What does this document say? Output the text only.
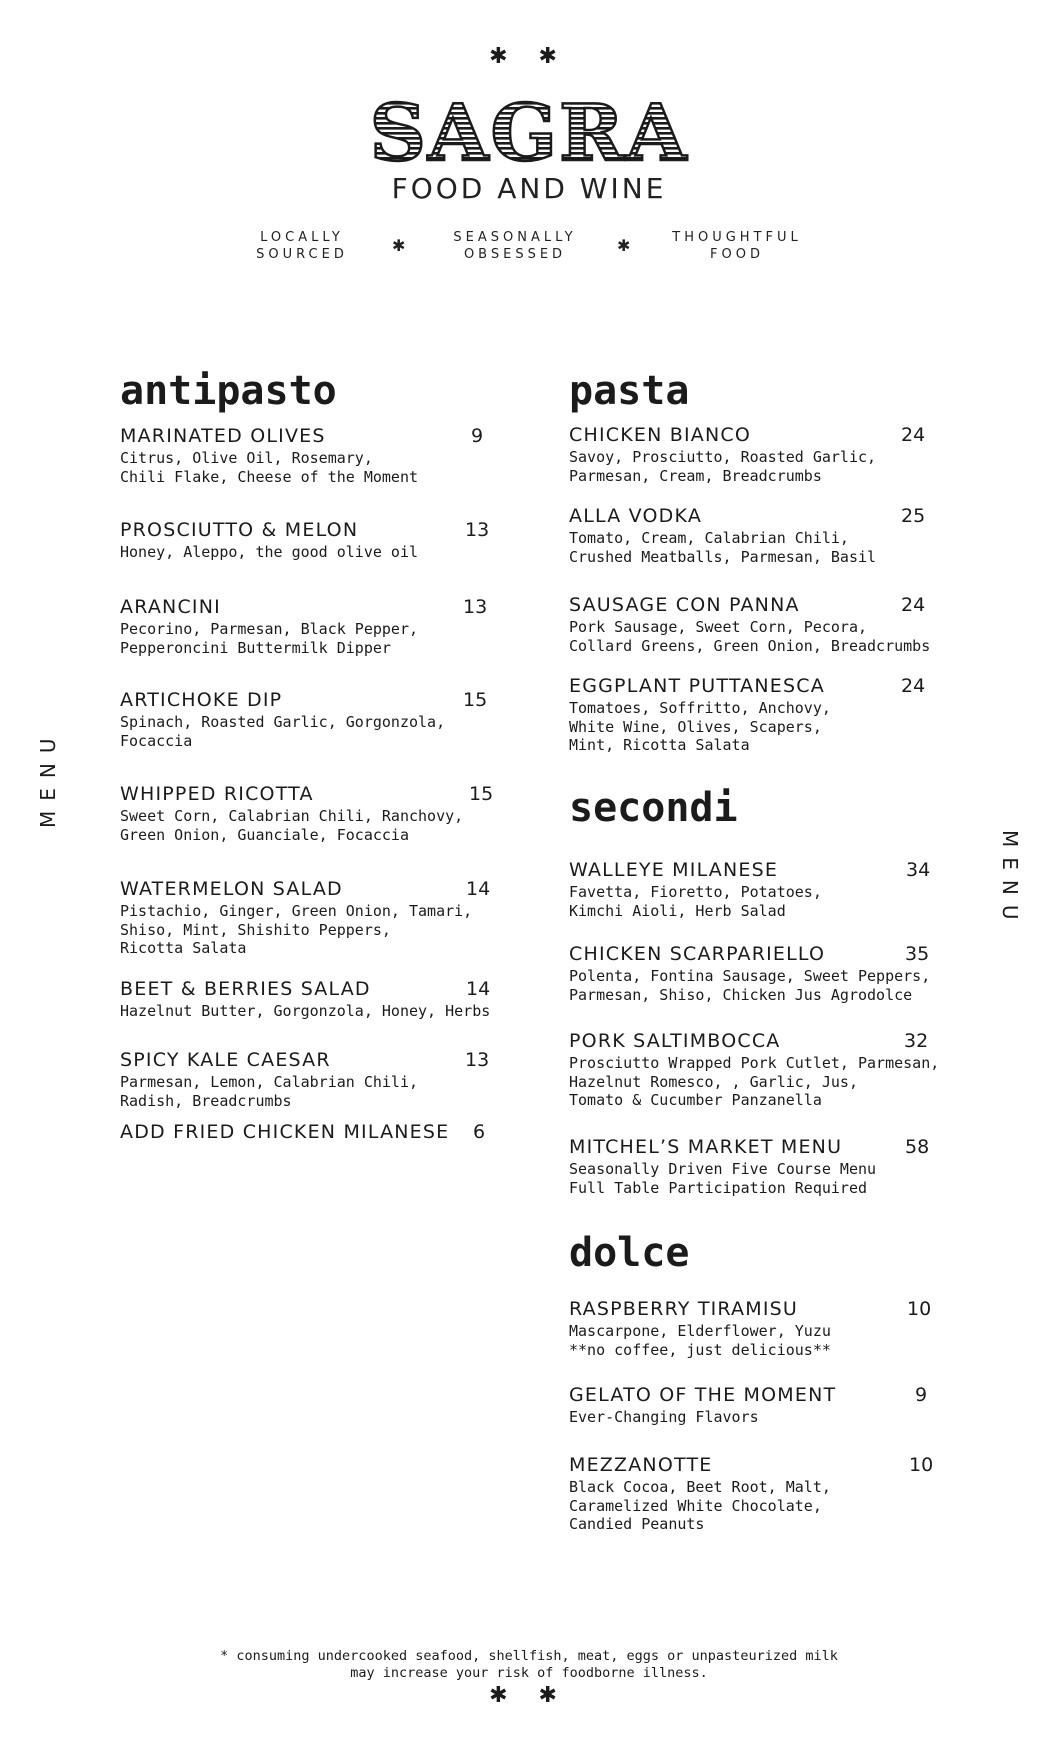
✱ ✱
SAGRA
FOOD AND WINE
LOCALLY
SOURCED	✱
SEASONALLY
OBSESSED	✱
THOUGHTFUL
FOOD
MENU
MENU
antipasto
MARINATED OLIVES	9
Citrus, Olive Oil, Rosemary,
Chili Flake, Cheese of the Moment
PROSCIUTTO & MELON	13
Honey, Aleppo, the good olive oil
ARANCINI	13
Pecorino, Parmesan, Black Pepper,
Pepperoncini Buttermilk Dipper
ARTICHOKE DIP	15
Spinach, Roasted Garlic, Gorgonzola,
Focaccia
WHIPPED RICOTTA	15
Sweet Corn, Calabrian Chili, Ranchovy,
Green Onion, Guanciale, Focaccia
WATERMELON SALAD	14
Pistachio, Ginger, Green Onion, Tamari,
Shiso, Mint, Shishito Peppers,
Ricotta Salata
BEET & BERRIES SALAD	14
Hazelnut Butter, Gorgonzola, Honey, Herbs
SPICY KALE CAESAR	13
Parmesan, Lemon, Calabrian Chili,
Radish, Breadcrumbs
ADD FRIED CHICKEN MILANESE 6
pasta
CHICKEN BIANCO	24
Savoy, Prosciutto, Roasted Garlic,
Parmesan, Cream, Breadcrumbs
ALLA VODKA	25
Tomato, Cream, Calabrian Chili,
Crushed Meatballs, Parmesan, Basil
SAUSAGE CON PANNA	24
Pork Sausage, Sweet Corn, Pecora,
Collard Greens, Green Onion, Breadcrumbs
EGGPLANT PUTTANESCA	24
Tomatoes, Soffritto, Anchovy,
White Wine, Olives, Scapers,
Mint, Ricotta Salata
secondi
WALLEYE MILANESE	34
Favetta, Fioretto, Potatoes,
Kimchi Aioli, Herb Salad
CHICKEN SCARPARIELLO	35
Polenta, Fontina Sausage, Sweet Peppers,
Parmesan, Shiso, Chicken Jus Agrodolce
PORK SALTIMBOCCA	32
Prosciutto Wrapped Pork Cutlet, Parmesan,
Hazelnut Romesco, , Garlic, Jus,
Tomato & Cucumber Panzanella
MITCHEL’S MARKET MENU	58
Seasonally Driven Five Course Menu
Full Table Participation Required
dolce
RASPBERRY TIRAMISU	10
Mascarpone, Elderflower, Yuzu
**no coffee, just delicious**
GELATO OF THE MOMENT	9
Ever-Changing Flavors
MEZZANOTTE	10
Black Cocoa, Beet Root, Malt,
Caramelized White Chocolate,
Candied Peanuts
* consuming undercooked seafood, shellfish, meat, eggs or unpasteurized milk
may increase your risk of foodborne illness.
✱ ✱
